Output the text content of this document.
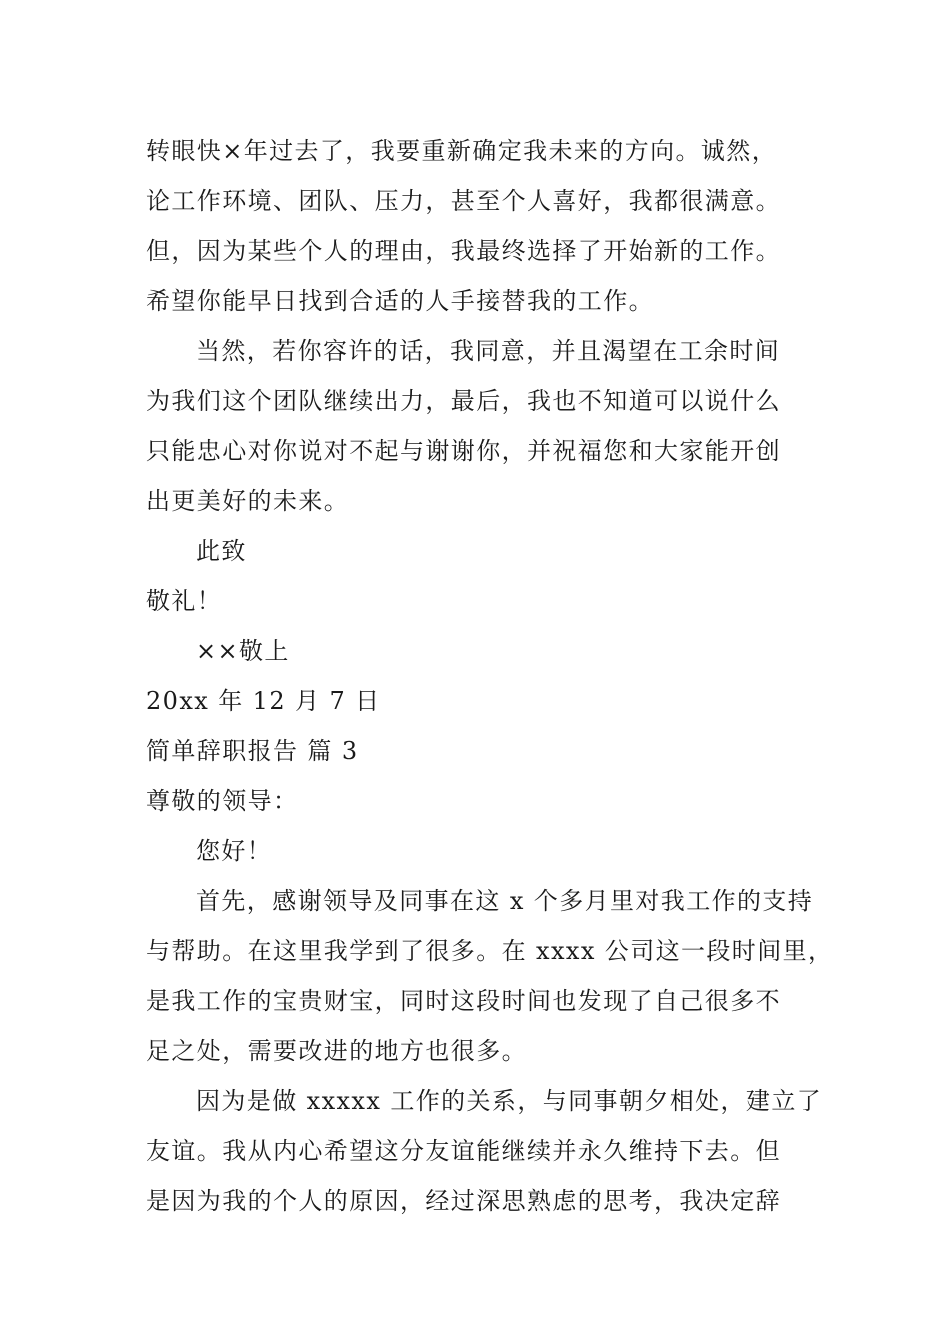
转眼快×年过去了，我要重新确定我未来的方向。诚然，
论工作环境、团队、压力，甚至个人喜好，我都很满意。
但，因为某些个人的理由，我最终选择了开始新的工作。
希望你能早日找到合适的人手接替我的工作。
当然，若你容许的话，我同意，并且渴望在工余时间
为我们这个团队继续出力，最后，我也不知道可以说什么
只能忠心对你说对不起与谢谢你，并祝福您和大家能开创
出更美好的未来。
此致
敬礼！
××敬上
20xx 年 12 月 7 日
简单辞职报告 篇 3
尊敬的领导：
您好！
首先，感谢领导及同事在这 x 个多月里对我工作的支持
与帮助。在这里我学到了很多。在 xxxx 公司这一段时间里，
是我工作的宝贵财宝，同时这段时间也发现了自己很多不
足之处，需要改进的地方也很多。
因为是做 xxxxx 工作的关系，与同事朝夕相处，建立了
友谊。我从内心希望这分友谊能继续并永久维持下去。但
是因为我的个人的原因，经过深思熟虑的思考，我决定辞
